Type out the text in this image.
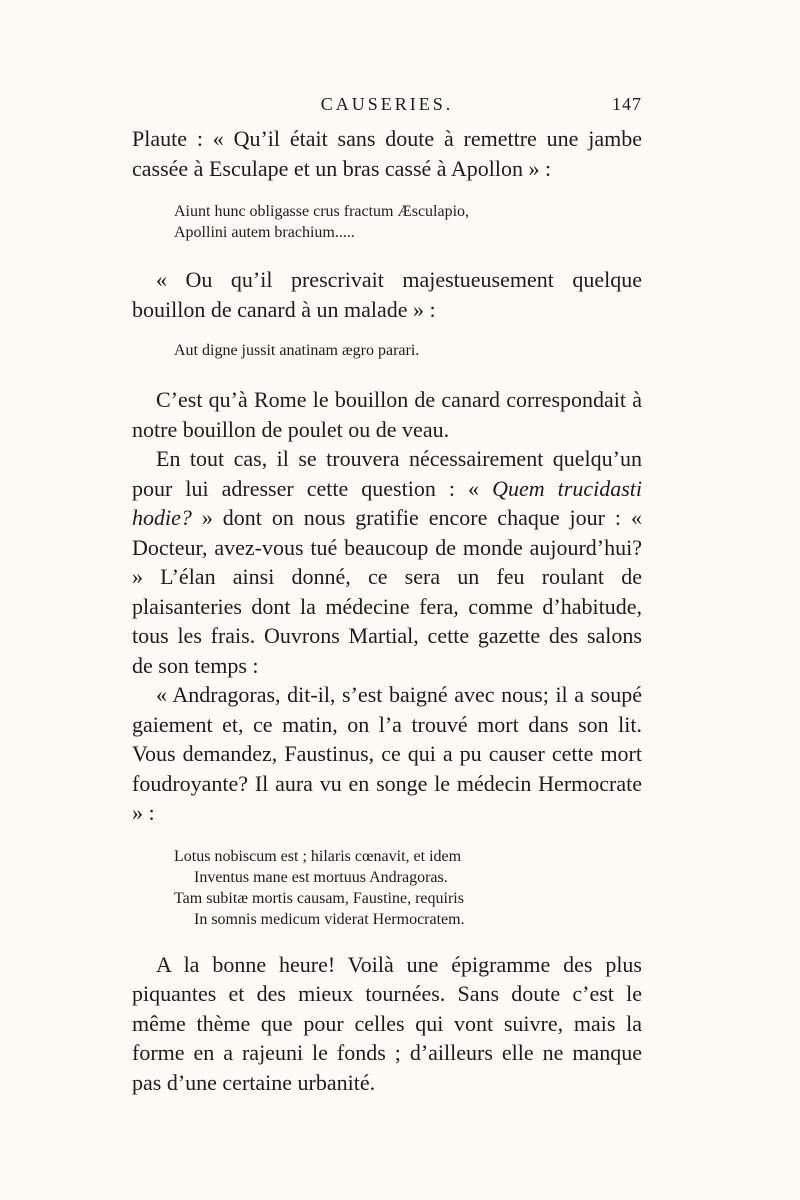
CAUSERIES.	147

Plaute : « Qu’il était sans doute à remettre une jambe cassée à Esculape et un bras cassé à Apollon » :

Aiunt hunc obligasse crus fractum Æsculapio,
Apollini autem brachium.....

« Ou qu’il prescrivait majestueusement quelque bouillon de canard à un malade » :

Aut digne jussit anatinam ægro parari.

C’est qu’à Rome le bouillon de canard correspondait à notre bouillon de poulet ou de veau.

En tout cas, il se trouvera nécessairement quelqu’un pour lui adresser cette question : « Quem trucidasti hodie? » dont on nous gratifie encore chaque jour : « Docteur, avez-vous tué beaucoup de monde aujourd’hui? » L’élan ainsi donné, ce sera un feu roulant de plaisanteries dont la médecine fera, comme d’habitude, tous les frais. Ouvrons Martial, cette gazette des salons de son temps :

« Andragoras, dit-il, s’est baigné avec nous; il a soupé gaiement et, ce matin, on l’a trouvé mort dans son lit. Vous demandez, Faustinus, ce qui a pu causer cette mort foudroyante? Il aura vu en songe le médecin Hermocrate » :

Lotus nobiscum est ; hilaris cœnavit, et idem
Inventus mane est mortuus Andragoras.
Tam subitæ mortis causam, Faustine, requiris
In somnis medicum viderat Hermocratem.

A la bonne heure! Voilà une épigramme des plus piquantes et des mieux tournées. Sans doute c’est le même thème que pour celles qui vont suivre, mais la forme en a rajeuni le fonds ; d’ailleurs elle ne manque pas d’une certaine urbanité.
